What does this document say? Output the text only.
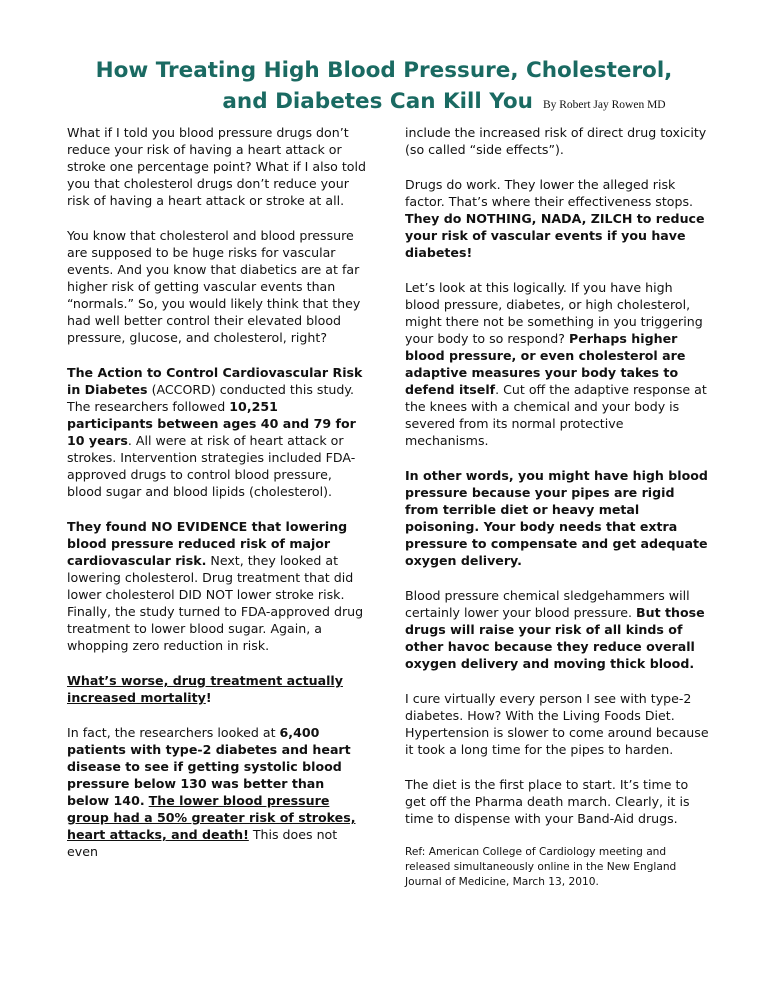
How Treating High Blood Pressure, Cholesterol,
and Diabetes Can Kill You By Robert Jay Rowen MD

What if I told you blood pressure drugs don’t reduce your risk of having a heart attack or stroke one percentage point? What if I also told you that cholesterol drugs don’t reduce your risk of having a heart attack or stroke at all.

You know that cholesterol and blood pressure are supposed to be huge risks for vascular events. And you know that diabetics are at far higher risk of getting vascular events than “normals.” So, you would likely think that they had well better control their elevated blood pressure, glucose, and cholesterol, right?

The Action to Control Cardiovascular Risk in Diabetes (ACCORD) conducted this study. The researchers followed 10,251 participants between ages 40 and 79 for 10 years. All were at risk of heart attack or strokes. Intervention strategies included FDA-approved drugs to control blood pressure, blood sugar and blood lipids (cholesterol).

They found NO EVIDENCE that lowering blood pressure reduced risk of major cardiovascular risk. Next, they looked at lowering cholesterol. Drug treatment that did lower cholesterol DID NOT lower stroke risk. Finally, the study turned to FDA-approved drug treatment to lower blood sugar. Again, a whopping zero reduction in risk.

What’s worse, drug treatment actually increased mortality!

In fact, the researchers looked at 6,400 patients with type-2 diabetes and heart disease to see if getting systolic blood pressure below 130 was better than below 140. The lower blood pressure group had a 50% greater risk of strokes, heart attacks, and death! This does not even

include the increased risk of direct drug toxicity (so called “side effects”).

Drugs do work. They lower the alleged risk factor. That’s where their effectiveness stops. They do NOTHING, NADA, ZILCH to reduce your risk of vascular events if you have diabetes!

Let’s look at this logically. If you have high blood pressure, diabetes, or high cholesterol, might there not be something in you triggering your body to so respond? Perhaps higher blood pressure, or even cholesterol are adaptive measures your body takes to defend itself. Cut off the adaptive response at the knees with a chemical and your body is severed from its normal protective mechanisms.

In other words, you might have high blood pressure because your pipes are rigid from terrible diet or heavy metal poisoning. Your body needs that extra pressure to compensate and get adequate oxygen delivery.

Blood pressure chemical sledgehammers will certainly lower your blood pressure. But those drugs will raise your risk of all kinds of other havoc because they reduce overall oxygen delivery and moving thick blood.

I cure virtually every person I see with type-2 diabetes. How? With the Living Foods Diet. Hypertension is slower to come around because it took a long time for the pipes to harden.

The diet is the first place to start. It’s time to get off the Pharma death march. Clearly, it is time to dispense with your Band-Aid drugs.

Ref: American College of Cardiology meeting and released simultaneously online in the New England Journal of Medicine, March 13, 2010.
